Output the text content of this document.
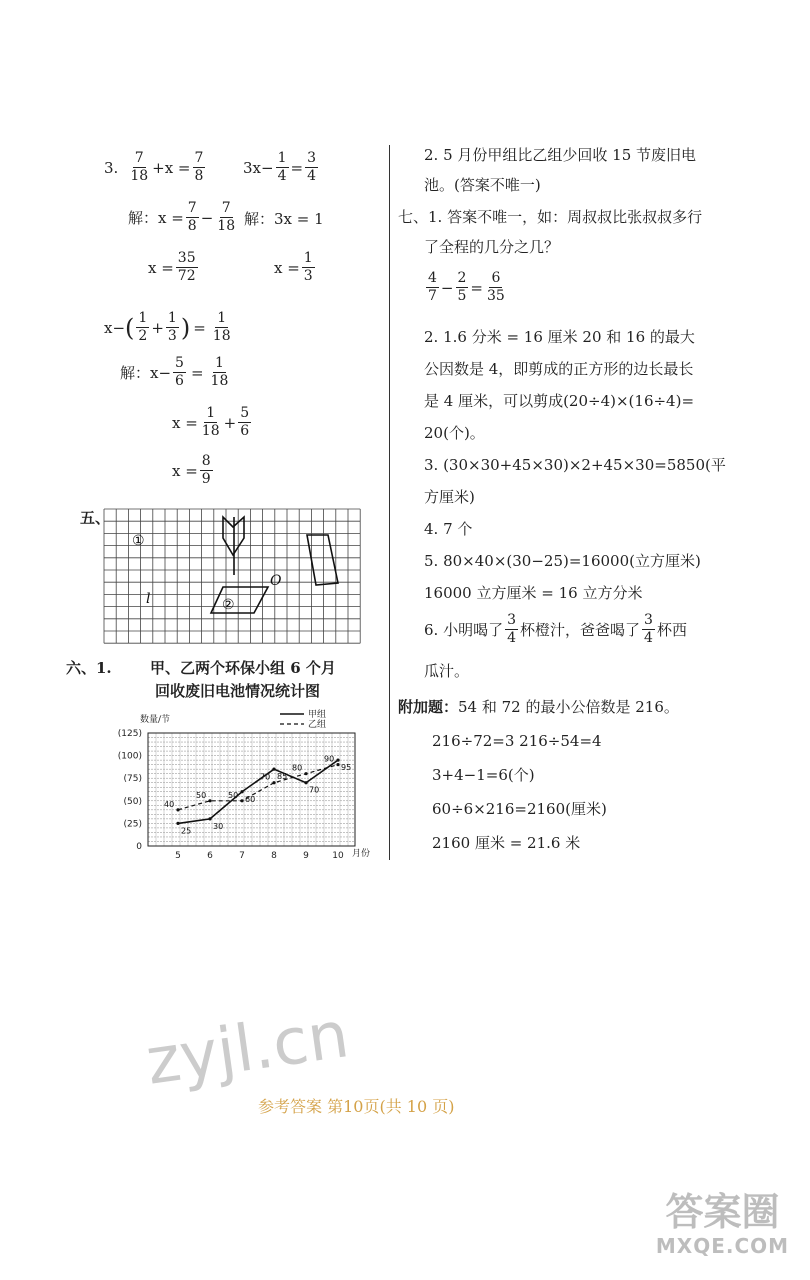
3. $\frac{7}{18} +x = \frac{7}{8}$	$3x- \frac{1}{4} = \frac{3}{4}$
解：$x = \frac{7}{8} - \frac{7}{18}$ 解：3x = 1
$x = \frac{35}{72}$	$x = \frac{1}{3}$
x− ( $\frac{1}{2} + \frac{1}{3}$ ) = $\frac{1}{18}$
解：$x- \frac{5}{6} = \frac{1}{18}$
$x = \frac{1}{18} + \frac{5}{6}$
$x = \frac{8}{9}$
五、
①
②
l
O
六、1.	甲、乙两个环保小组 6 个月
回收废旧电池情况统计图
数量/节	甲组
乙组
(125)
(100)
(75)
(50)
(25)
0
5	6	7	8	9	10
25
30
60
85
70
95
40
50	50
70
80
90
月份
2. 5 月份甲组比乙组少回收 15 节废旧电
池。(答案不唯一)
七、1. 答案不唯一，如：周叔叔比张叔叔多行
了全程的几分之几？
$\frac{4}{7} - \frac{2}{5} = \frac{6}{35}$
2. 1.6 分米 = 16 厘米 20 和 16 的最大
公因数是 4，即剪成的正方形的边长最长
是 4 厘米，可以剪成(20÷4)×(16÷4)=
20(个)。
3. (30×30+45×30)×2+45×30=5850(平
方厘米)
4. 7 个
5. 80×40×(30−25)=16000(立方厘米)
16000 立方厘米 = 16 立方分米
6. 小明喝了 $\frac{3}{4}$ 杯橙汁，爸爸喝了 $\frac{3}{4}$ 杯西
瓜汁。
附加题：54 和 72 的最小公倍数是 216。
216÷72=3 216÷54=4
3+4−1=6(个)
60÷6×216=2160(厘米)
2160 厘米 = 21.6 米
zyjl.cn
参考答案 第10页(共 10 页)
答案圈
MXQE.COM
